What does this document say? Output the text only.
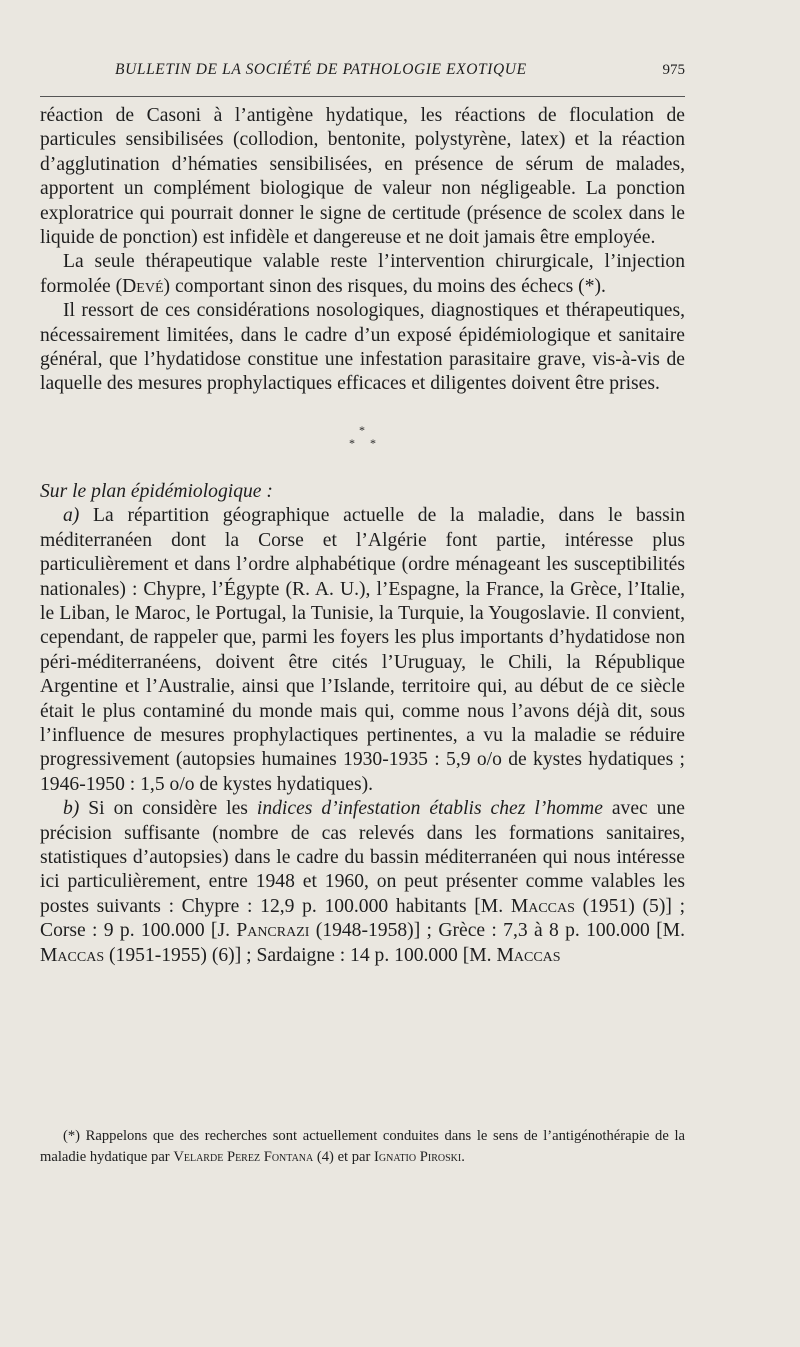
BULLETIN DE LA SOCIÉTÉ DE PATHOLOGIE EXOTIQUE	975

réaction de Casoni à l’antigène hydatique, les réactions de floculation de particules sensibilisées (collodion, bentonite, polystyrène, latex) et la réaction d’agglutination d’hématies sensibilisées, en présence de sérum de malades, apportent un complément biologique de valeur non négligeable. La ponction exploratrice qui pourrait donner le signe de certitude (présence de scolex dans le liquide de ponction) est infidèle et dangereuse et ne doit jamais être employée.

La seule thérapeutique valable reste l’intervention chirurgicale, l’injection formolée (Devé) comportant sinon des risques, du moins des échecs (*).

Il ressort de ces considérations nosologiques, diagnostiques et thérapeutiques, nécessairement limitées, dans le cadre d’un exposé épidémiologique et sanitaire général, que l’hydatidose constitue une infestation parasitaire grave, vis-à-vis de laquelle des mesures prophylactiques efficaces et diligentes doivent être prises.

*
* *

Sur le plan épidémiologique :

a) La répartition géographique actuelle de la maladie, dans le bassin méditerranéen dont la Corse et l’Algérie font partie, intéresse plus particulièrement et dans l’ordre alphabétique (ordre ménageant les susceptibilités nationales) : Chypre, l’Égypte (R. A. U.), l’Espagne, la France, la Grèce, l’Italie, le Liban, le Maroc, le Portugal, la Tunisie, la Turquie, la Yougoslavie. Il convient, cependant, de rappeler que, parmi les foyers les plus importants d’hydatidose non péri-méditerranéens, doivent être cités l’Uruguay, le Chili, la République Argentine et l’Australie, ainsi que l’Islande, territoire qui, au début de ce siècle était le plus contaminé du monde mais qui, comme nous l’avons déjà dit, sous l’influence de mesures prophylactiques pertinentes, a vu la maladie se réduire progressivement (autopsies humaines 1930-1935 : 5,9 o/o de kystes hydatiques ; 1946-1950 : 1,5 o/o de kystes hydatiques).

b) Si on considère les indices d’infestation établis chez l’homme avec une précision suffisante (nombre de cas relevés dans les formations sanitaires, statistiques d’autopsies) dans le cadre du bassin méditerranéen qui nous intéresse ici particulièrement, entre 1948 et 1960, on peut présenter comme valables les postes suivants : Chypre : 12,9 p. 100.000 habitants [M. Maccas (1951) (5)] ; Corse : 9 p. 100.000 [J. Pancrazi (1948-1958)] ; Grèce : 7,3 à 8 p. 100.000 [M. Maccas (1951-1955) (6)] ; Sardaigne : 14 p. 100.000 [M. Maccas

(*) Rappelons que des recherches sont actuellement conduites dans le sens de l’antigénothérapie de la maladie hydatique par Velarde Perez Fontana (4) et par Ignatio Piroski.
